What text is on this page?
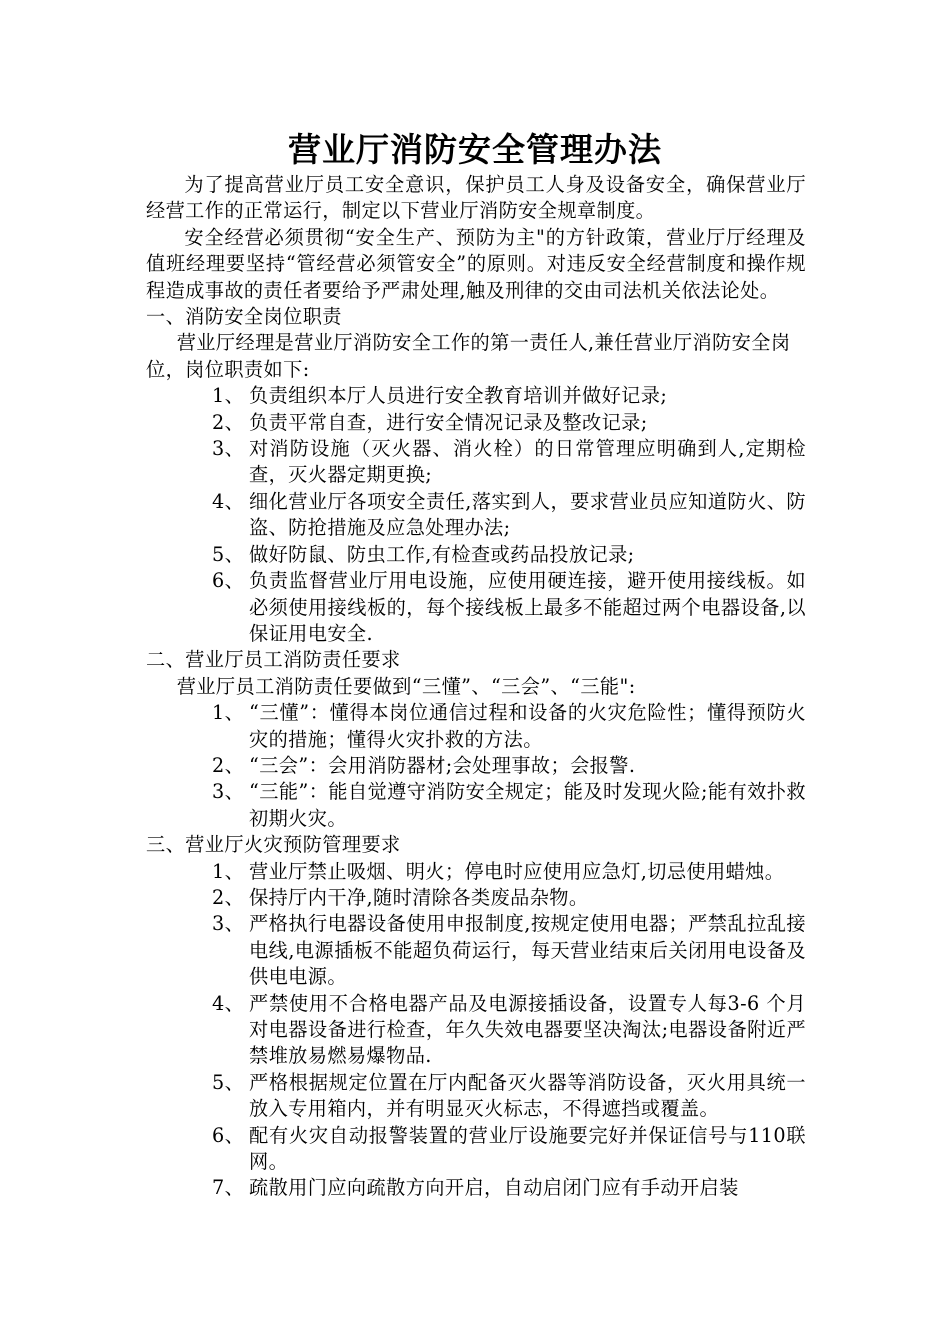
营业厅消防安全管理办法

为了提高营业厅员工安全意识，保护员工人身及设备安全，确保营业厅经营工作的正常运行，制定以下营业厅消防安全规章制度。

安全经营必须贯彻“安全生产、预防为主"的方针政策，营业厅厅经理及值班经理要坚持“管经营必须管安全”的原则。对违反安全经营制度和操作规程造成事故的责任者要给予严肃处理,触及刑律的交由司法机关依法论处。

一、消防安全岗位职责

营业厅经理是营业厅消防安全工作的第一责任人,兼任营业厅消防安全岗位，岗位职责如下:

1、 负责组织本厅人员进行安全教育培训并做好记录;
2、 负责平常自查，进行安全情况记录及整改记录;
3、 对消防设施（灭火器、消火栓）的日常管理应明确到人,定期检查，灭火器定期更换;
4、 细化营业厅各项安全责任,落实到人，要求营业员应知道防火、防盗、防抢措施及应急处理办法;
5、 做好防鼠、防虫工作,有检查或药品投放记录;
6、 负责监督营业厅用电设施，应使用硬连接，避开使用接线板。如必须使用接线板的，每个接线板上最多不能超过两个电器设备,以保证用电安全.

二、营业厅员工消防责任要求

营业厅员工消防责任要做到“三懂”、“三会”、“三能":

1、 “三懂”：懂得本岗位通信过程和设备的火灾危险性；懂得预防火灾的措施；懂得火灾扑救的方法。
2、 “三会”：会用消防器材;会处理事故；会报警.
3、 “三能”：能自觉遵守消防安全规定；能及时发现火险;能有效扑救初期火灾。

三、营业厅火灾预防管理要求

1、 营业厅禁止吸烟、明火；停电时应使用应急灯,切忌使用蜡烛。
2、 保持厅内干净,随时清除各类废品杂物。
3、 严格执行电器设备使用申报制度,按规定使用电器；严禁乱拉乱接电线,电源插板不能超负荷运行，每天营业结束后关闭用电设备及供电电源。
4、 严禁使用不合格电器产品及电源接插设备，设置专人每3-6 个月对电器设备进行检查，年久失效电器要坚决淘汰;电器设备附近严禁堆放易燃易爆物品.
5、 严格根据规定位置在厅内配备灭火器等消防设备，灭火用具统一放入专用箱内，并有明显灭火标志，不得遮挡或覆盖。
6、 配有火灾自动报警装置的营业厅设施要完好并保证信号与110联网。
7、 疏散用门应向疏散方向开启，自动启闭门应有手动开启装
